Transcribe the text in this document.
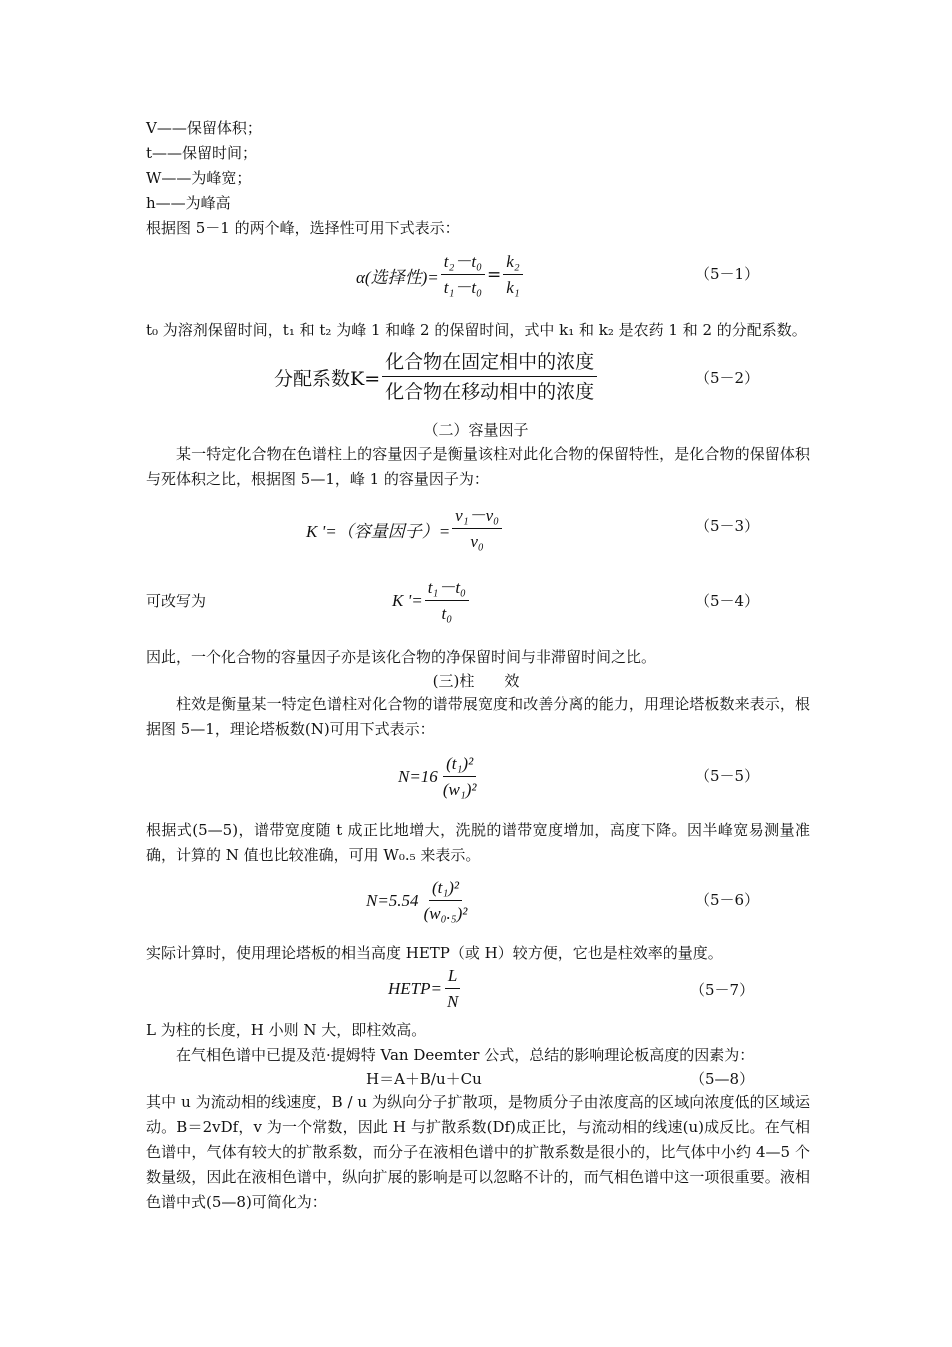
V——保留体积；
t——保留时间；
W——为峰宽；
h——为峰高
根据图 5－1 的两个峰，选择性可用下式表示：
α(选择性)= $\frac{\text{t₂－t₀}}{\text{t₁－t₀}} = \frac{\text{k₂}}{\text{k₁}}$	（5－1）
t₀ 为溶剂保留时间，t₁ 和 t₂ 为峰 1 和峰 2 的保留时间，式中 k₁ 和 k₂ 是农药 1 和 2 的分配系数。
分配系数$K= \frac{\text{化合物在固定相中的浓度}}{\text{化合物在移动相中的浓度}}$	（5－2）
（二）容量因子
某一特定化合物在色谱柱上的容量因子是衡量该柱对此化合物的保留特性，是化合物的保留体积与死体积之比，根据图 5—1，峰 1 的容量因子为：
K '=（容量因子）= $\frac{\text{v₁－v₀}}{\text{v₀}}$	（5－3）
可改写为	K '= $\frac{\text{t₁－t₀}}{\text{t₀}}$	（5－4）
因此，一个化合物的容量因子亦是该化合物的净保留时间与非滞留时间之比。
(三)柱　　效
柱效是衡量某一特定色谱柱对化合物的谱带展宽度和改善分离的能力，用理论塔板数来表示，根据图 5—1，理论塔板数(N)可用下式表示：
$N=16 \frac{\text{(t₁)²}}{\text{(w₁)²}}$	（5－5）
根据式(5—5)，谱带宽度随 t 成正比地增大，洗脱的谱带宽度增加，高度下降。因半峰宽易测量准确，计算的 N 值也比较准确，可用 W₀.₅ 来表示。
$N=5.54 \frac{\text{(t₁)²}}{\text{(w₀.₅)²}}$	（5－6）
实际计算时，使用理论塔板的相当高度 HETP（或 H）较方便，它也是柱效率的量度。
HETP= $\frac{L}{N}$	（5－7）
L 为柱的长度，H 小则 N 大，即柱效高。
在气相色谱中已提及范·提姆特 Van Deemter 公式，总结的影响理论板高度的因素为：
H＝A＋B/u＋Cu	（5—8）
其中 u 为流动相的线速度，B / u 为纵向分子扩散项，是物质分子由浓度高的区域向浓度低的区域运动。B＝2vDf，v 为一个常数，因此 H 与扩散系数(Df)成正比，与流动相的线速(u)成反比。在气相色谱中，气体有较大的扩散系数，而分子在液相色谱中的扩散系数是很小的，比气体中小约 4—5 个数量级，因此在液相色谱中，纵向扩展的影响是可以忽略不计的，而气相色谱中这一项很重要。液相色谱中式(5—8)可简化为：
